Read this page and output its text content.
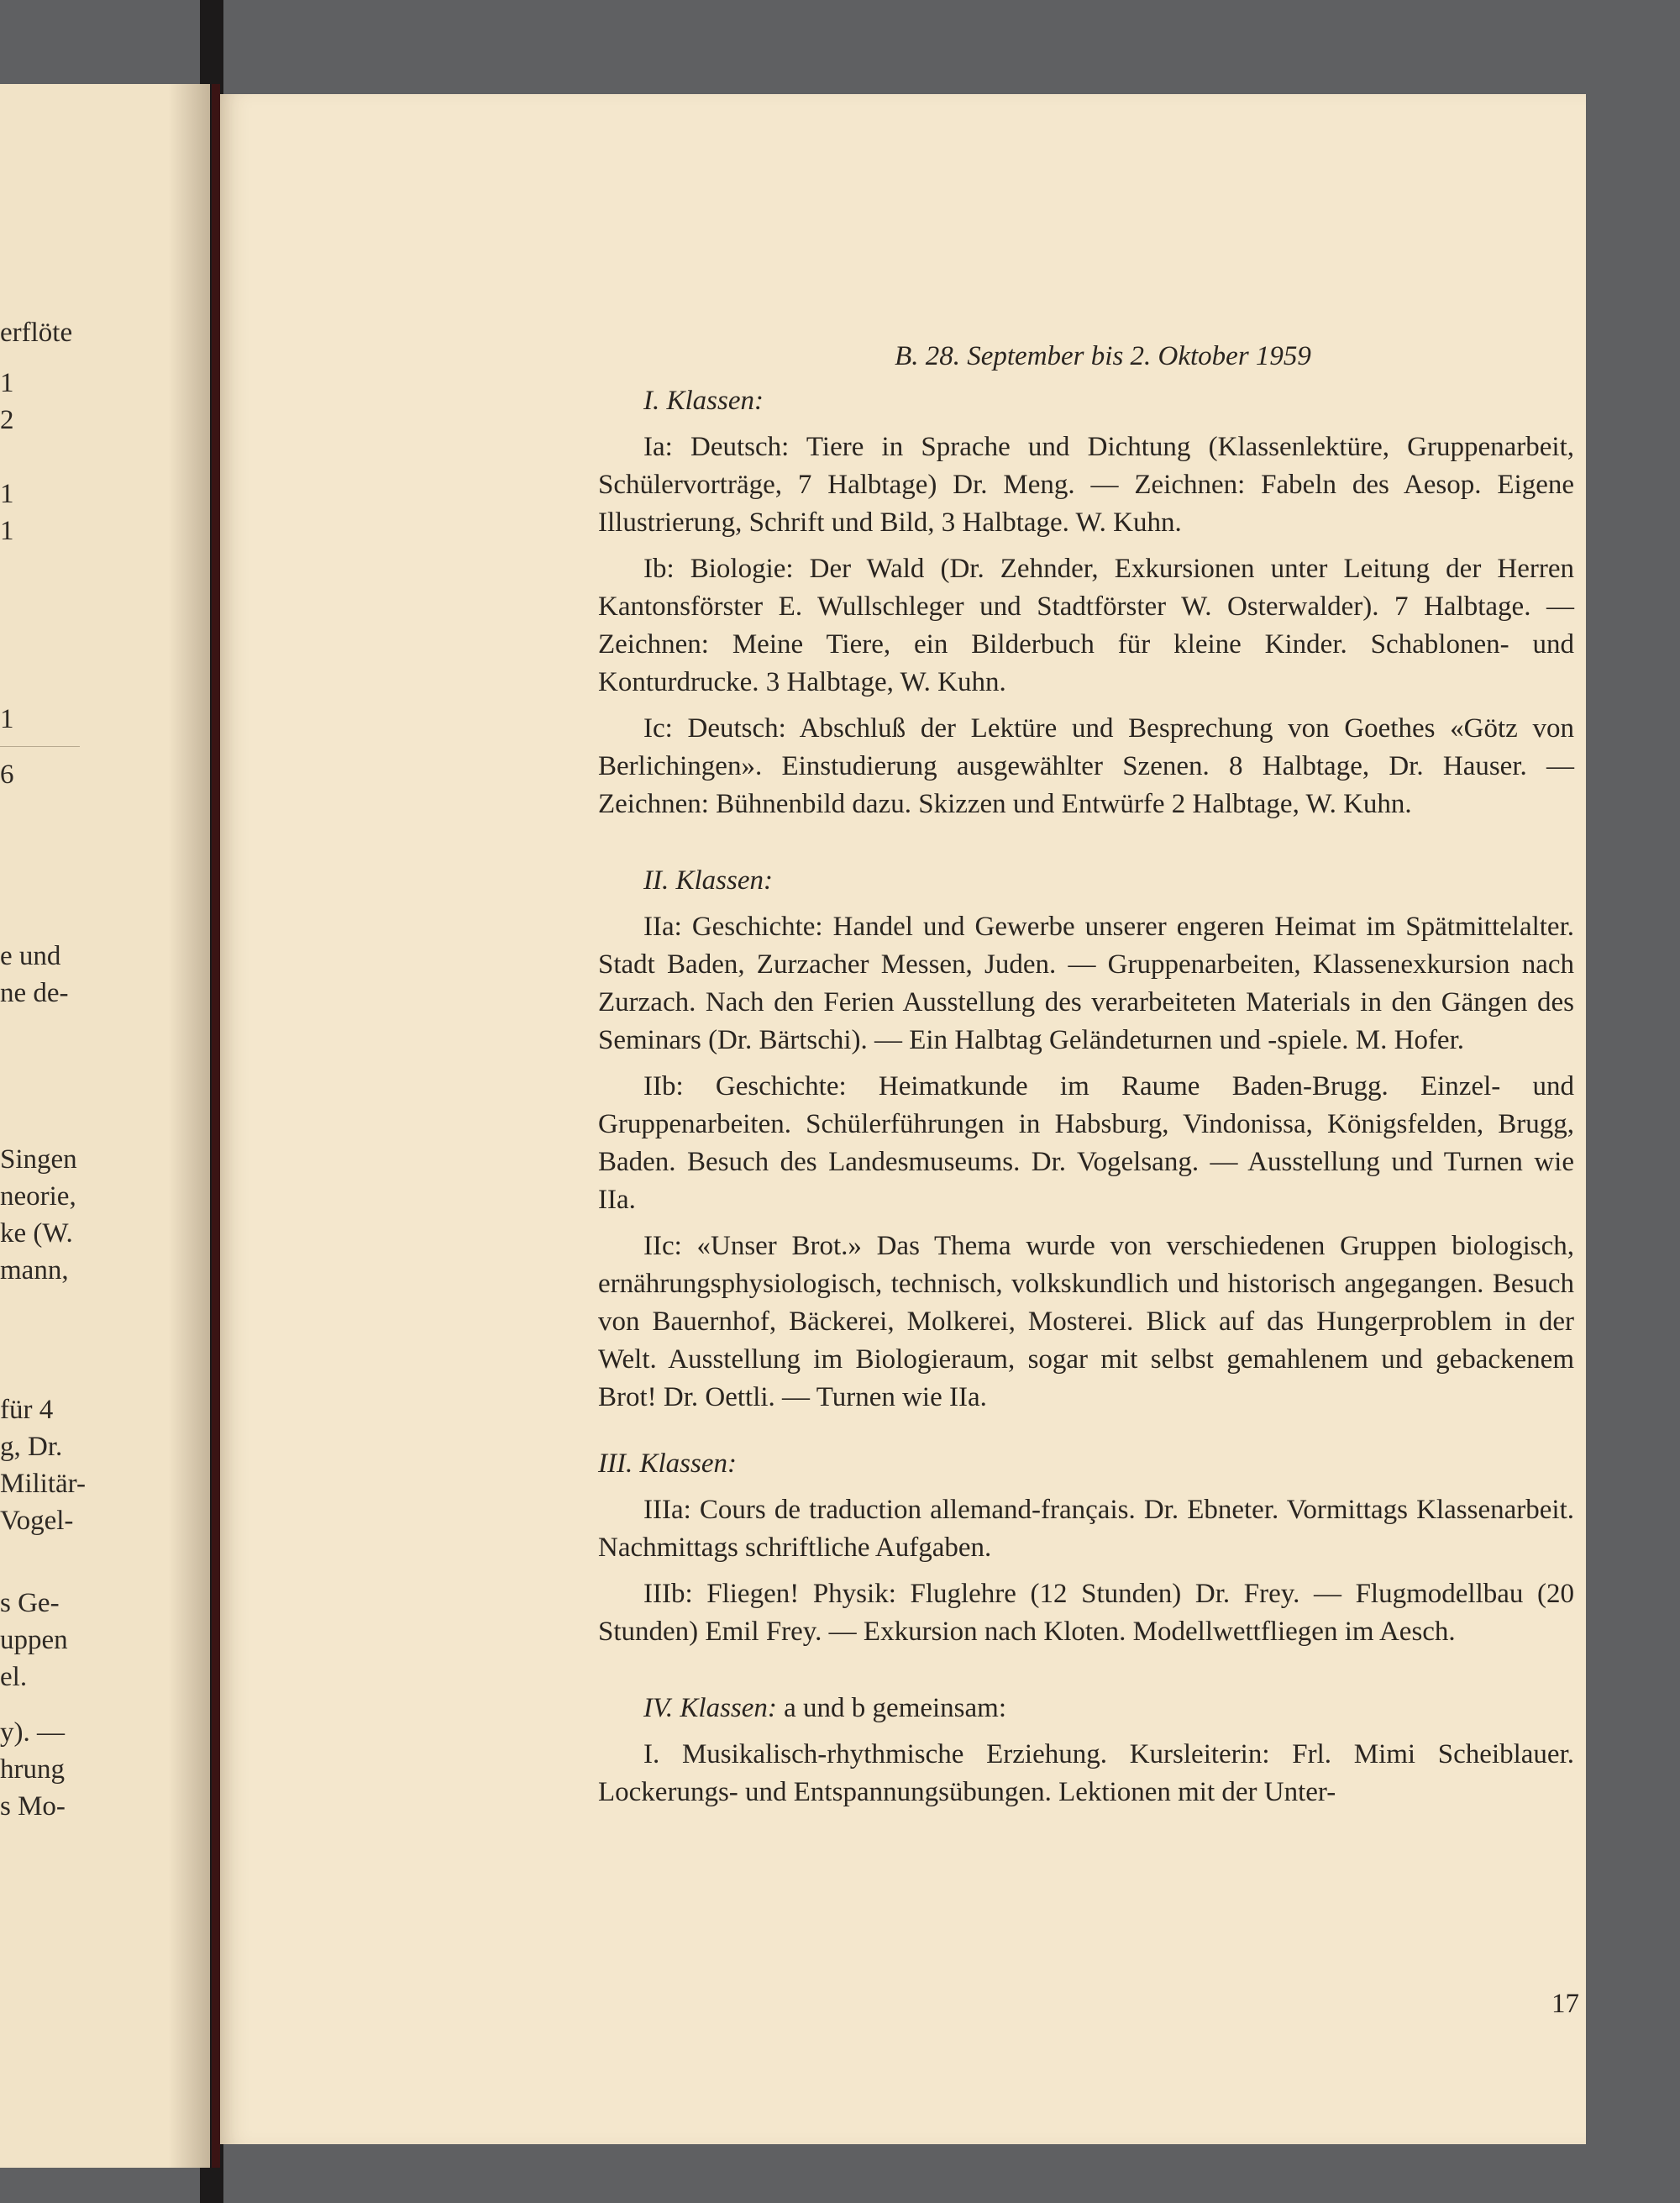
erflöte
1
2
1
1
1
6
e und
ne de-
Singen
neorie,
ke (W.
mann,
für 4
g, Dr.
Militär-
Vogel-
s Ge-
uppen
el.
y). —
hrung
s Mo-

B. 28. September bis 2. Oktober 1959

I. Klassen:

Ia: Deutsch: Tiere in Sprache und Dichtung (Klassenlektüre, Gruppenarbeit, Schülervorträge, 7 Halbtage) Dr. Meng. — Zeichnen: Fabeln des Aesop. Eigene Illustrierung, Schrift und Bild, 3 Halbtage. W. Kuhn.

Ib: Biologie: Der Wald (Dr. Zehnder, Exkursionen unter Leitung der Herren Kantonsförster E. Wullschleger und Stadtförster W. Osterwalder). 7 Halbtage. — Zeichnen: Meine Tiere, ein Bilderbuch für kleine Kinder. Schablonen- und Konturdrucke. 3 Halbtage, W. Kuhn.

Ic: Deutsch: Abschluß der Lektüre und Besprechung von Goethes «Götz von Berlichingen». Einstudierung ausgewählter Szenen. 8 Halbtage, Dr. Hauser. — Zeichnen: Bühnenbild dazu. Skizzen und Entwürfe 2 Halbtage, W. Kuhn.

II. Klassen:

IIa: Geschichte: Handel und Gewerbe unserer engeren Heimat im Spätmittelalter. Stadt Baden, Zurzacher Messen, Juden. — Gruppenarbeiten, Klassenexkursion nach Zurzach. Nach den Ferien Ausstellung des verarbeiteten Materials in den Gängen des Seminars (Dr. Bärtschi). — Ein Halbtag Geländeturnen und -spiele. M. Hofer.

IIb: Geschichte: Heimatkunde im Raume Baden-Brugg. Einzel- und Gruppenarbeiten. Schülerführungen in Habsburg, Vindonissa, Königsfelden, Brugg, Baden. Besuch des Landesmuseums. Dr. Vogelsang. — Ausstellung und Turnen wie IIa.

IIc: «Unser Brot.» Das Thema wurde von verschiedenen Gruppen biologisch, ernährungsphysiologisch, technisch, volkskundlich und historisch angegangen. Besuch von Bauernhof, Bäckerei, Molkerei, Mosterei. Blick auf das Hungerproblem in der Welt. Ausstellung im Biologieraum, sogar mit selbst gemahlenem und gebackenem Brot! Dr. Oettli. — Turnen wie IIa.

III. Klassen:

IIIa: Cours de traduction allemand-français. Dr. Ebneter. Vormittags Klassenarbeit. Nachmittags schriftliche Aufgaben.

IIIb: Fliegen! Physik: Fluglehre (12 Stunden) Dr. Frey. — Flugmodellbau (20 Stunden) Emil Frey. — Exkursion nach Kloten. Modellwettfliegen im Aesch.

IV. Klassen: a und b gemeinsam:

I. Musikalisch-rhythmische Erziehung. Kursleiterin: Frl. Mimi Scheiblauer. Lockerungs- und Entspannungsübungen. Lektionen mit der Unter-

17
